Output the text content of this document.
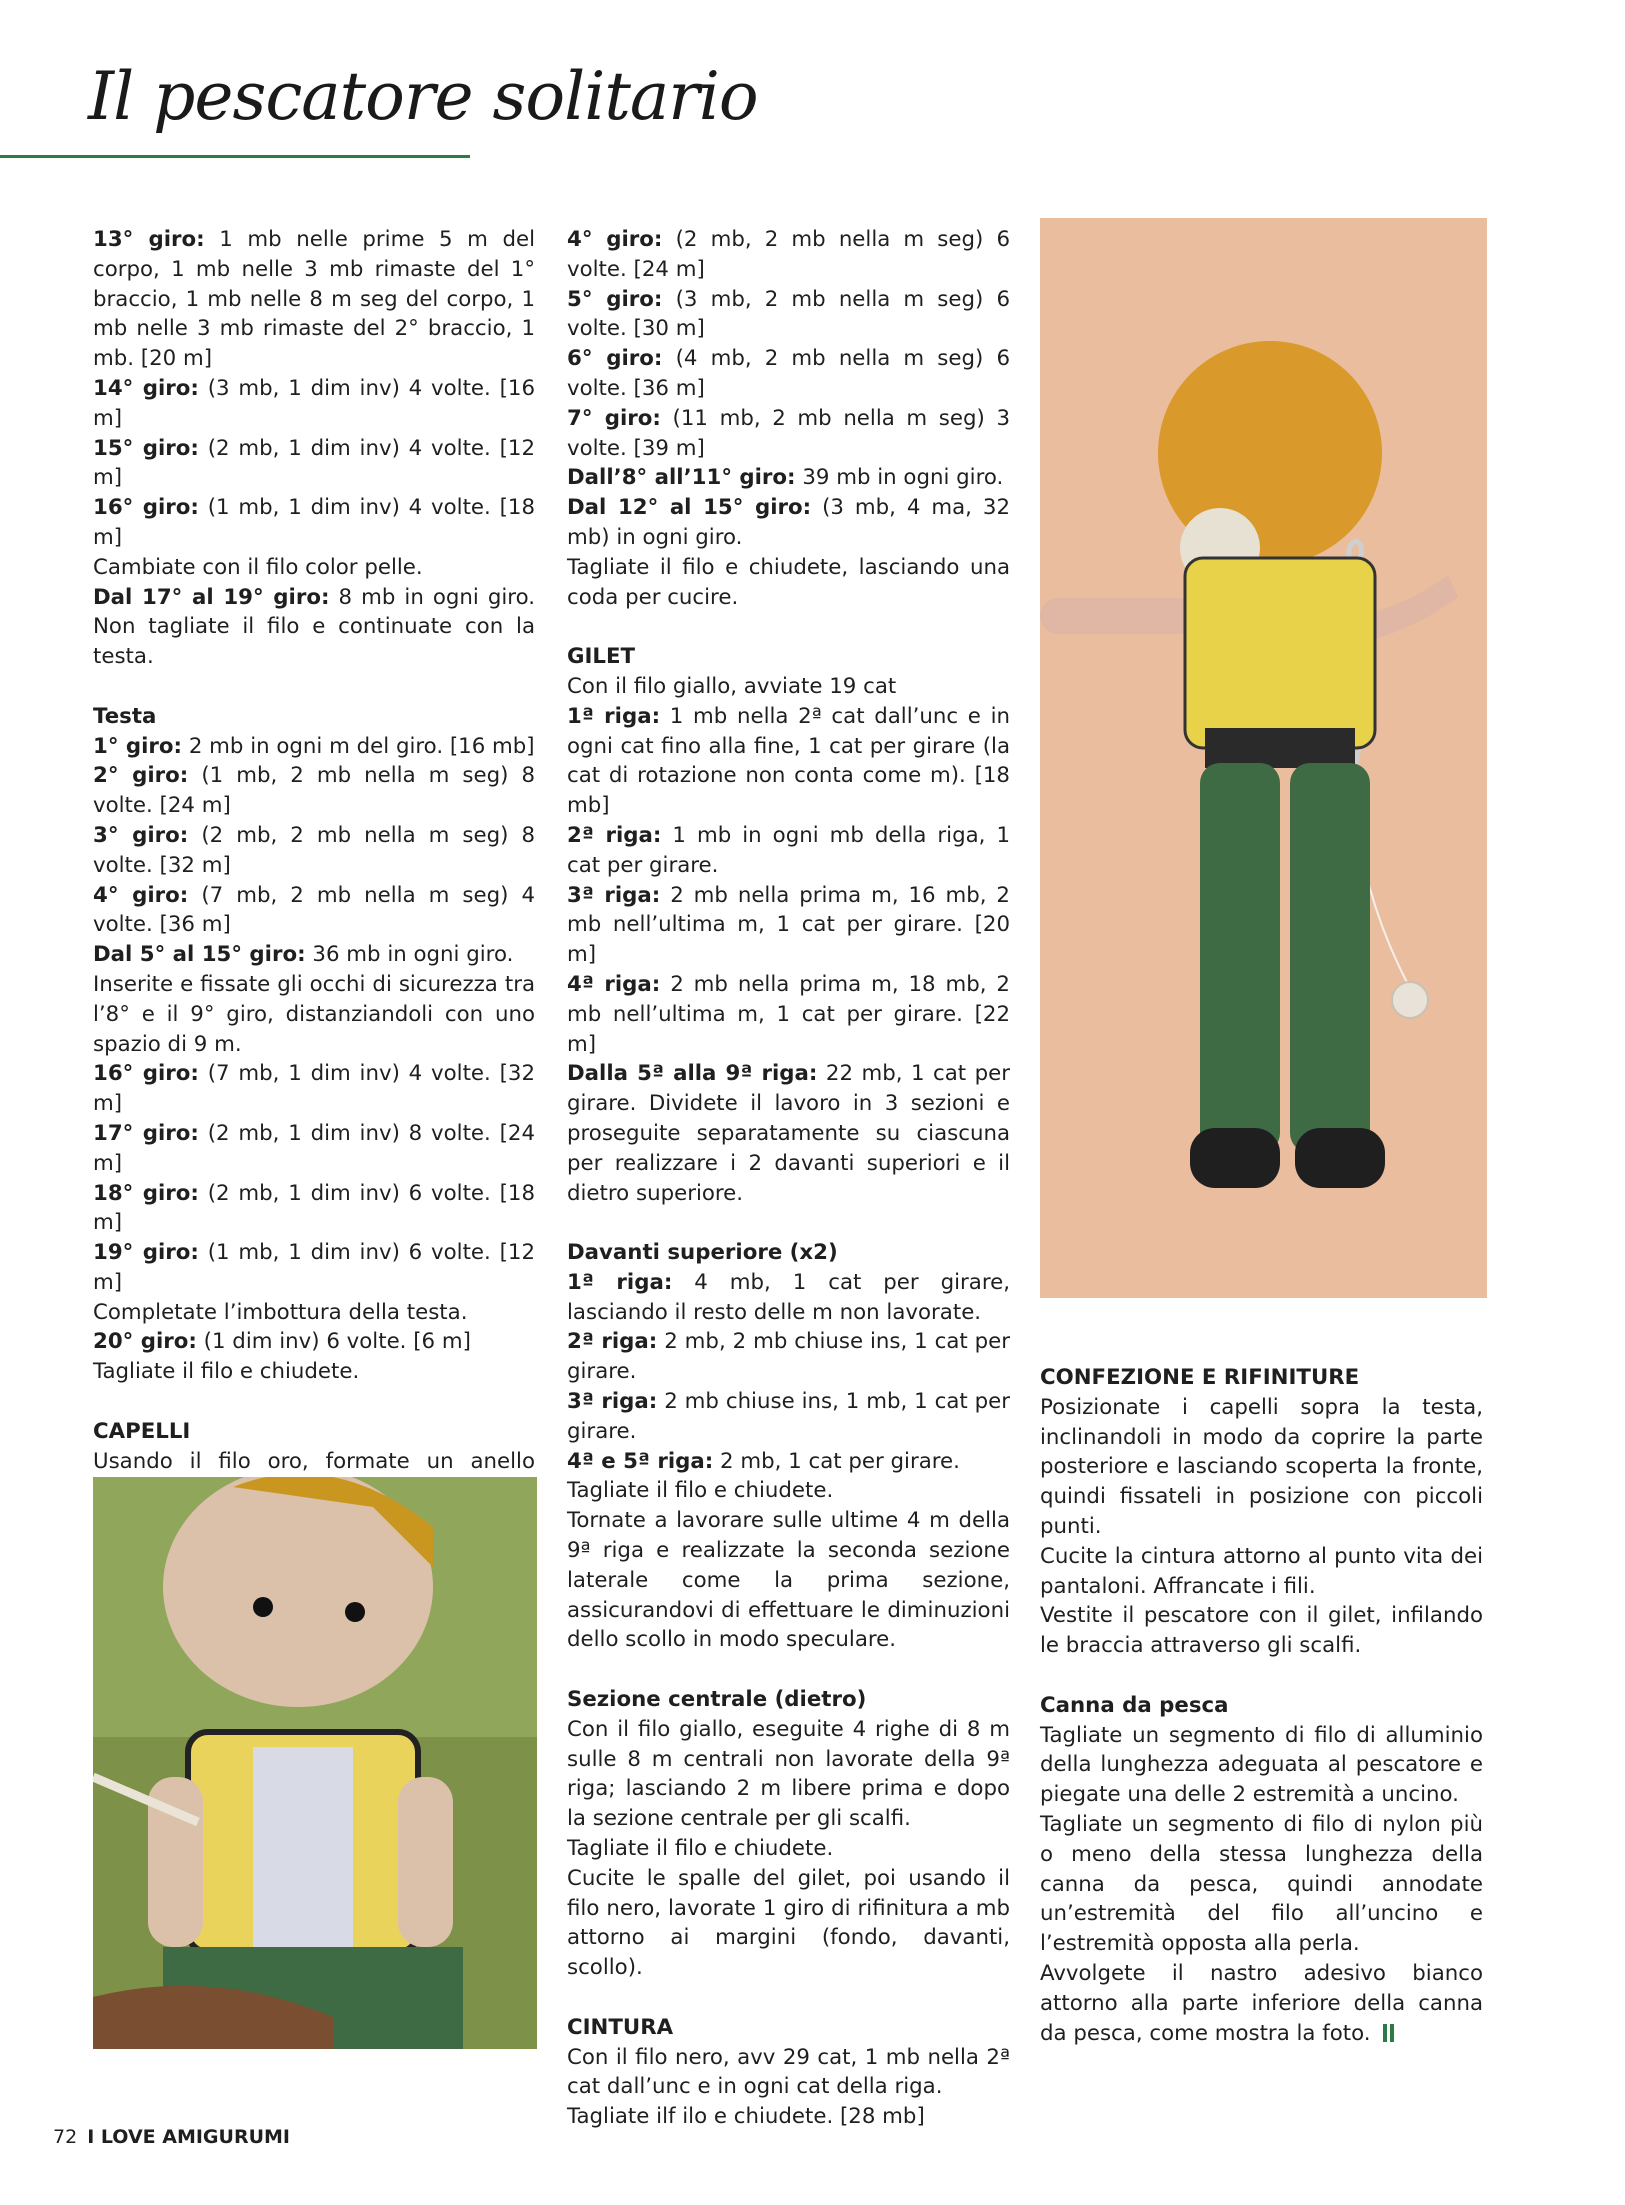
Il pescatore solitario

13° giro: 1 mb nelle prime 5 m del corpo, 1 mb nelle 3 mb rimaste del 1° braccio, 1 mb nelle 8 m seg del corpo, 1 mb nelle 3 mb rimaste del 2° braccio, 1 mb. [20 m]

14° giro: (3 mb, 1 dim inv) 4 volte. [16 m]

15° giro: (2 mb, 1 dim inv) 4 volte. [12 m]

16° giro: (1 mb, 1 dim inv) 4 volte. [18 m]

Cambiate con il filo color pelle.

Dal 17° al 19° giro: 8 mb in ogni giro. Non tagliate il filo e continuate con la testa.

Testa

1° giro: 2 mb in ogni m del giro. [16 mb]

2° giro: (1 mb, 2 mb nella m seg) 8 volte. [24 m]

3° giro: (2 mb, 2 mb nella m seg) 8 volte. [32 m]

4° giro: (7 mb, 2 mb nella m seg) 4 volte. [36 m]

Dal 5° al 15° giro: 36 mb in ogni giro.

Inserite e fissate gli occhi di sicurezza tra l’8° e il 9° giro, distanziandoli con uno spazio di 9 m.

16° giro: (7 mb, 1 dim inv) 4 volte. [32 m]

17° giro: (2 mb, 1 dim inv) 8 volte. [24 m]

18° giro: (2 mb, 1 dim inv) 6 volte. [18 m]

19° giro: (1 mb, 1 dim inv) 6 volte. [12 m]

Completate l’imbottura della testa.

20° giro: (1 dim inv) 6 volte. [6 m]

Tagliate il filo e chiudete.

CAPELLI

Usando il filo oro, formate un anello

4° giro: (2 mb, 2 mb nella m seg) 6 volte. [24 m]

5° giro: (3 mb, 2 mb nella m seg) 6 volte. [30 m]

6° giro: (4 mb, 2 mb nella m seg) 6 volte. [36 m]

7° giro: (11 mb, 2 mb nella m seg) 3 volte. [39 m]

Dall’8° all’11° giro: 39 mb in ogni giro.

Dal 12° al 15° giro: (3 mb, 4 ma, 32 mb) in ogni giro.

Tagliate il filo e chiudete, lasciando una coda per cucire.

GILET

Con il filo giallo, avviate 19 cat

1ª riga: 1 mb nella 2ª cat dall’unc e in ogni cat fino alla fine, 1 cat per girare (la cat di rotazione non conta come m). [18 mb]

2ª riga: 1 mb in ogni mb della riga, 1 cat per girare.

3ª riga: 2 mb nella prima m, 16 mb, 2 mb nell’ultima m, 1 cat per girare. [20 m]

4ª riga: 2 mb nella prima m, 18 mb, 2 mb nell’ultima m, 1 cat per girare. [22 m]

Dalla 5ª alla 9ª riga: 22 mb, 1 cat per girare. Dividete il lavoro in 3 sezioni e proseguite separatamente su ciascuna per realizzare i 2 davanti superiori e il dietro superiore.

Davanti superiore (x2)

1ª riga: 4 mb, 1 cat per girare, lasciando il resto delle m non lavorate.

2ª riga: 2 mb, 2 mb chiuse ins, 1 cat per girare.

3ª riga: 2 mb chiuse ins, 1 mb, 1 cat per girare.

4ª e 5ª riga: 2 mb, 1 cat per girare.

Tagliate il filo e chiudete.

Tornate a lavorare sulle ultime 4 m della 9ª riga e realizzate la seconda sezione laterale come la prima sezione, assicurandovi di effettuare le diminuzioni dello scollo in modo speculare.

Sezione centrale (dietro)

Con il filo giallo, eseguite 4 righe di 8 m sulle 8 m centrali non lavorate della 9ª riga; lasciando 2 m libere prima e dopo la sezione centrale per gli scalfi.

Tagliate il filo e chiudete.

Cucite le spalle del gilet, poi usando il filo nero, lavorate 1 giro di rifinitura a mb attorno ai margini (fondo, davanti, scollo).

CINTURA

Con il filo nero, avv 29 cat, 1 mb nella 2ª cat dall’unc e in ogni cat della riga.

Tagliate ilf ilo e chiudete. [28 mb]

CONFEZIONE E RIFINITURE

Posizionate i capelli sopra la testa, inclinandoli in modo da coprire la parte posteriore e lasciando scoperta la fronte, quindi fissateli in posizione con piccoli punti.

Cucite la cintura attorno al punto vita dei pantaloni. Affrancate i fili.

Vestite il pescatore con il gilet, infilando le braccia attraverso gli scalfi.

Canna da pesca

Tagliate un segmento di filo di alluminio della lunghezza adeguata al pescatore e piegate una delle 2 estremità a uncino.

Tagliate un segmento di filo di nylon più o meno della stessa lunghezza della canna da pesca, quindi annodate un’estremità del filo all’uncino e l’estremità opposta alla perla.

Avvolgete il nastro adesivo bianco attorno alla parte inferiore della canna da pesca, come mostra la foto.

72 I LOVE AMIGURUMI
